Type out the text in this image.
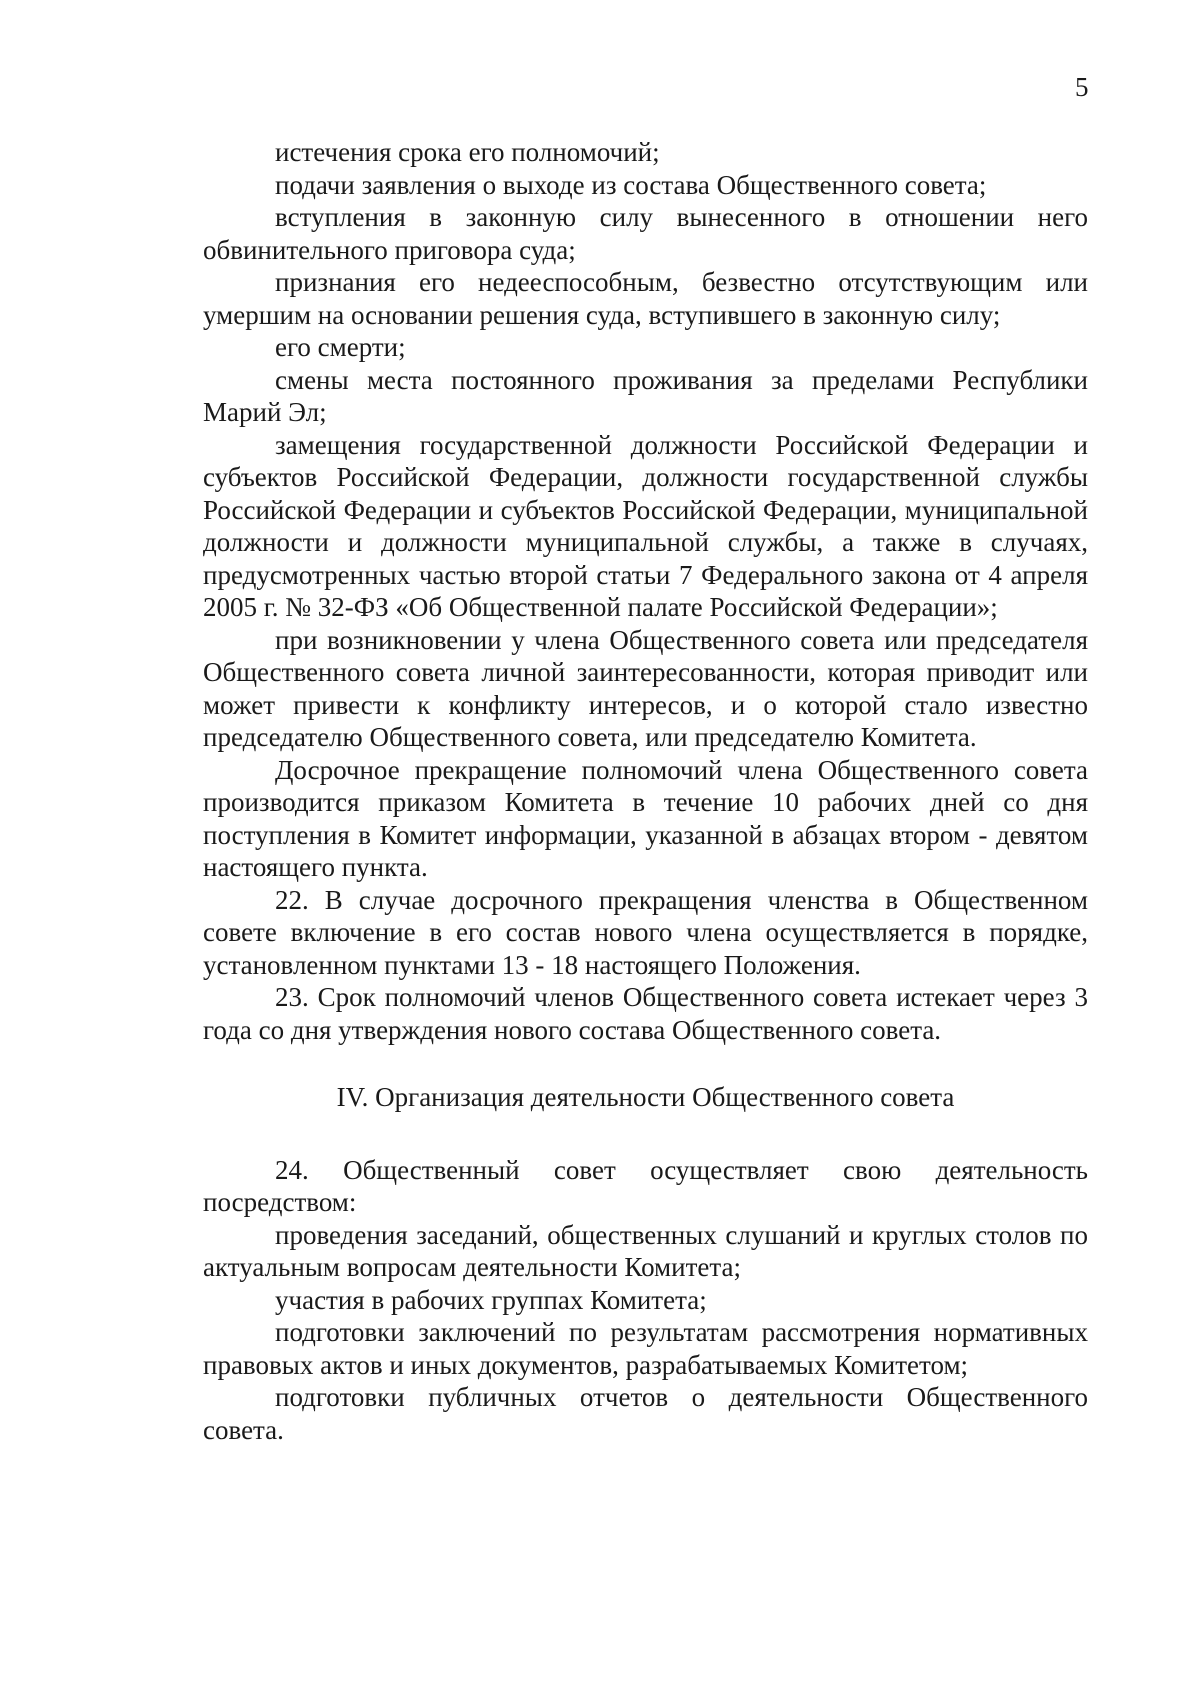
5

истечения срока его полномочий;

подачи заявления о выходе из состава Общественного совета;

вступления в законную силу вынесенного в отношении него обвинительного приговора суда;

признания его недееспособным, безвестно отсутствующим или умершим на основании решения суда, вступившего в законную силу;

его смерти;

смены места постоянного проживания за пределами Республики Марий Эл;

замещения государственной должности Российской Федерации и субъектов Российской Федерации, должности государственной службы Российской Федерации и субъектов Российской Федерации, муниципальной должности и должности муниципальной службы, а также в случаях, предусмотренных частью второй статьи 7 Федерального закона от 4 апреля 2005 г. № 32-ФЗ «Об Общественной палате Российской Федерации»;

при возникновении у члена Общественного совета или председателя Общественного совета личной заинтересованности, которая приводит или может привести к конфликту интересов, и о которой стало известно председателю Общественного совета, или председателю Комитета.

Досрочное прекращение полномочий члена Общественного совета производится приказом Комитета в течение 10 рабочих дней со дня поступления в Комитет информации, указанной в абзацах втором - девятом настоящего пункта.

22. В случае досрочного прекращения членства в Общественном совете включение в его состав нового члена осуществляется в порядке, установленном пунктами 13 - 18 настоящего Положения.

23. Срок полномочий членов Общественного совета истекает через 3 года со дня утверждения нового состава Общественного совета.

IV. Организация деятельности Общественного совета

24. Общественный совет осуществляет свою деятельность посредством:

проведения заседаний, общественных слушаний и круглых столов по актуальным вопросам деятельности Комитета;

участия в рабочих группах Комитета;

подготовки заключений по результатам рассмотрения нормативных правовых актов и иных документов, разрабатываемых Комитетом;

подготовки публичных отчетов о деятельности Общественного совета.
